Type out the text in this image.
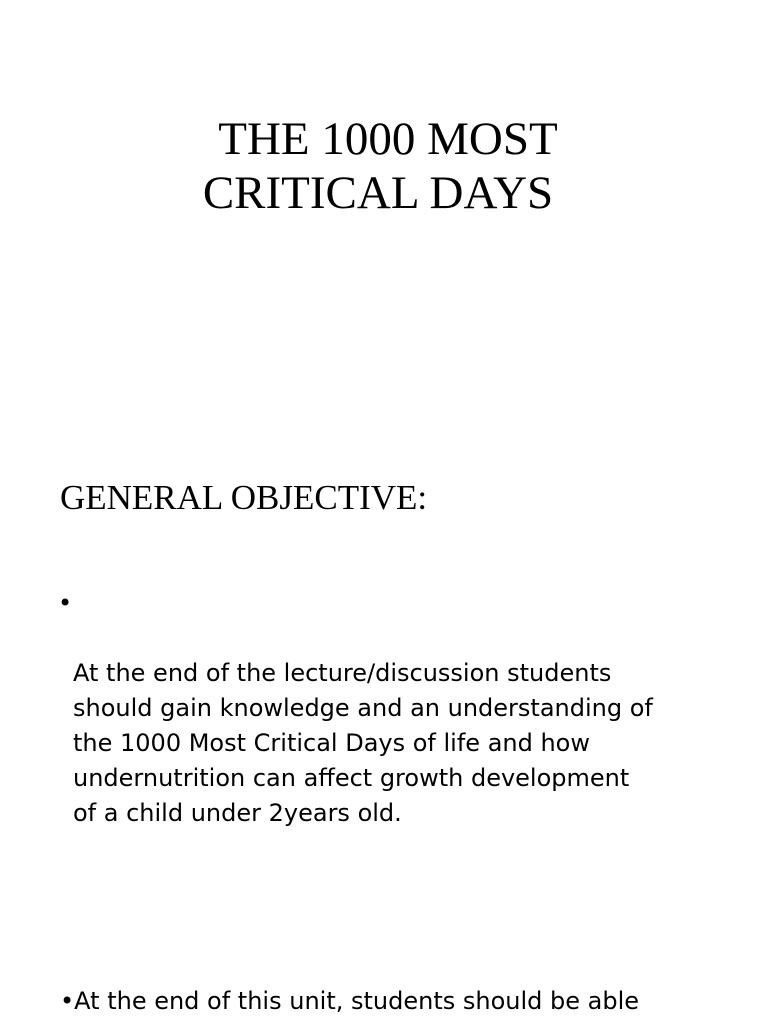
THE 1000 MOST
CRITICAL DAYS
GENERAL OBJECTIVE:

•

At the end of the lecture/discussion students
should gain knowledge and an understanding of
the 1000 Most Critical Days of life and how
undernutrition can affect growth development
of a child under 2years old.

•At the end of this unit, students should be able
